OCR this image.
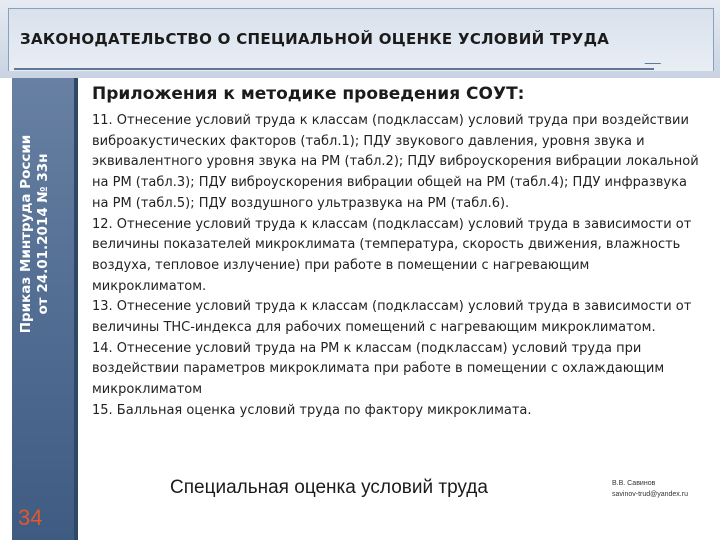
ЗАКОНОДАТЕЛЬСТВО О СПЕЦИАЛЬНОЙ ОЦЕНКЕ УСЛОВИЙ ТРУДА
Приказ Минтруда России от 24.01.2014 № 33н
34
Приложения к методике проведения СОУТ:

11. Отнесение условий труда к классам (подклассам) условий труда при воздействии виброакустических факторов (табл.1); ПДУ звукового давления, уровня звука и эквивалентного уровня звука на РМ (табл.2); ПДУ виброускорения вибрации локальной на РМ (табл.3); ПДУ виброускорения вибрации общей на РМ (табл.4); ПДУ инфразвука на РМ (табл.5); ПДУ воздушного ультразвука на РМ (табл.6).

12. Отнесение условий труда к классам (подклассам) условий труда в зависимости от величины показателей микроклимата (температура, скорость движения, влажность воздуха, тепловое излучение) при работе в помещении с нагревающим микроклиматом.

13. Отнесение условий труда к классам (подклассам) условий труда в зависимости от величины ТНС-индекса для рабочих помещений с нагревающим микроклиматом.

14. Отнесение условий труда на РМ к классам (подклассам) условий труда при воздействии параметров микроклимата при работе в помещении с охлаждающим микроклиматом

15. Балльная оценка условий труда по фактору микроклимата.

Специальная оценка условий труда	В.В. Савинов
savinov-trud@yandex.ru
